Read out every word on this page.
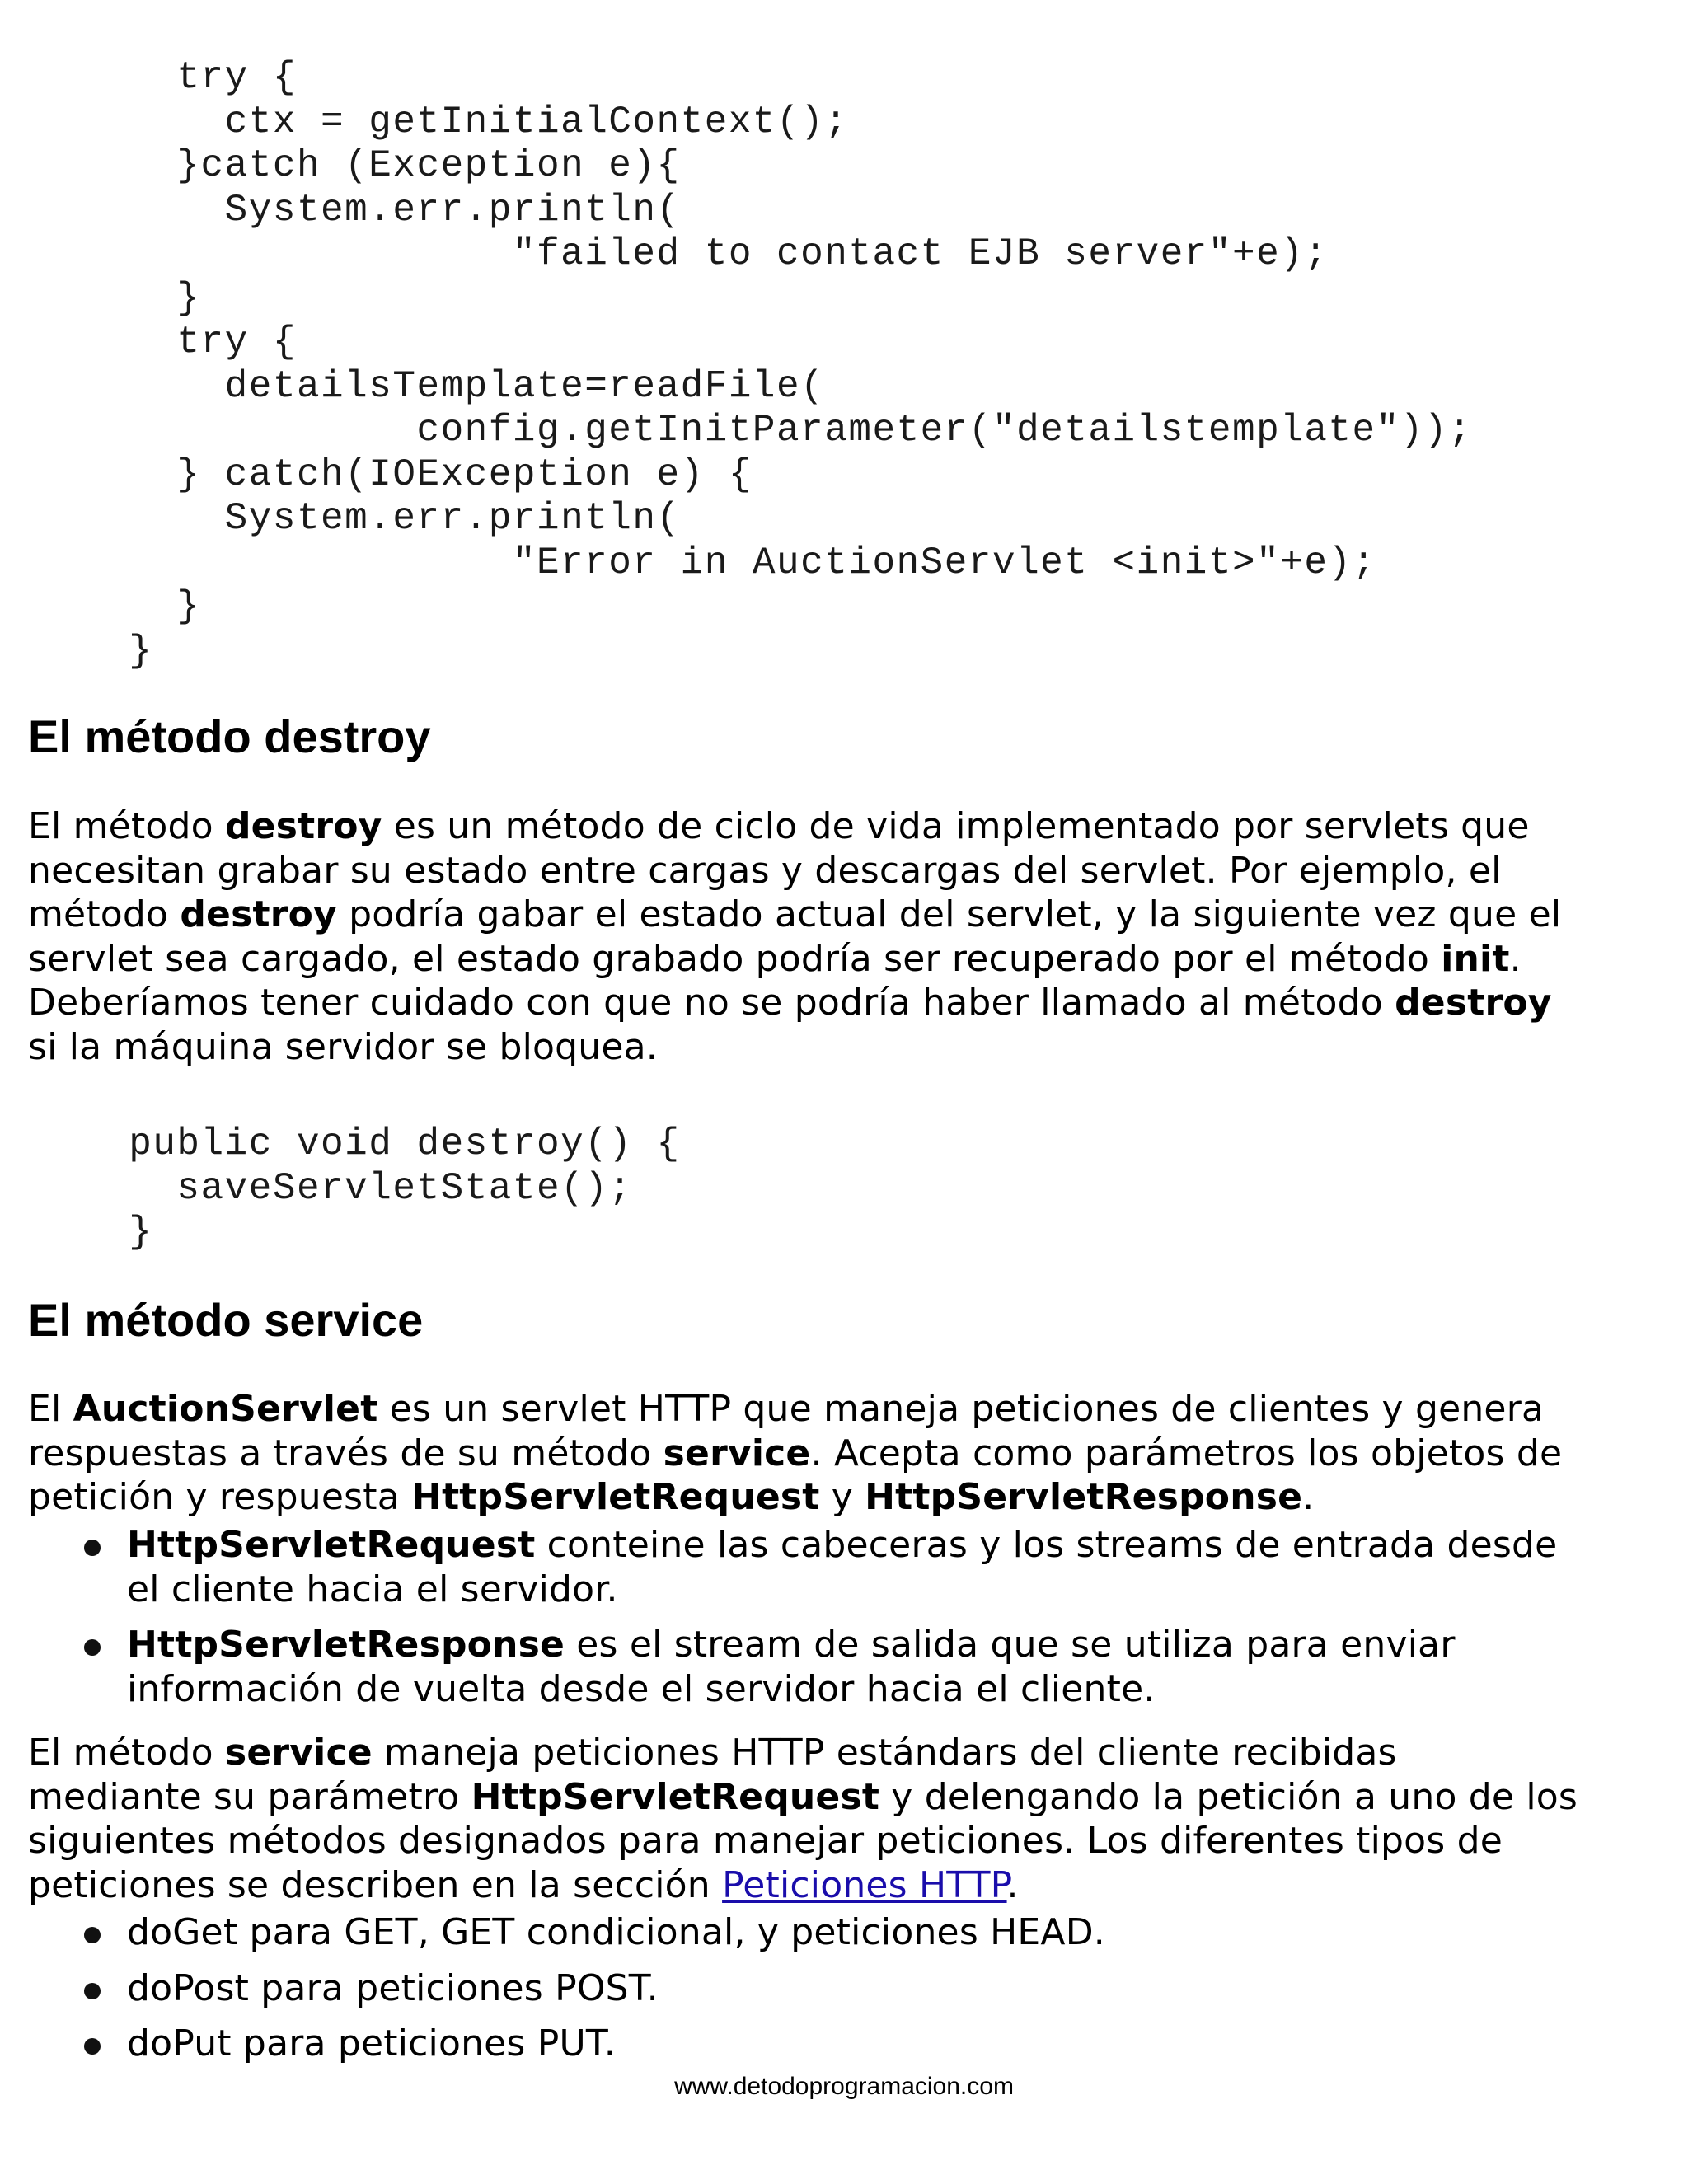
try {
ctx = getInitialContext();
}catch (Exception e){
System.err.println(
"failed to contact EJB server"+e);
}
try {
detailsTemplate=readFile(
config.getInitParameter("detailstemplate"));
} catch(IOException e) {
System.err.println(
"Error in AuctionServlet <init>"+e);
}
}
El método destroy
El método destroy es un método de ciclo de vida implementado por servlets que
necesitan grabar su estado entre cargas y descargas del servlet. Por ejemplo, el
método destroy podría gabar el estado actual del servlet, y la siguiente vez que el
servlet sea cargado, el estado grabado podría ser recuperado por el método init.
Deberíamos tener cuidado con que no se podría haber llamado al método destroy
si la máquina servidor se bloquea.
public void destroy() {
saveServletState();
}
El método service
El AuctionServlet es un servlet HTTP que maneja peticiones de clientes y genera
respuestas a través de su método service. Acepta como parámetros los objetos de
petición y respuesta HttpServletRequest y HttpServletResponse.
HttpServletRequest conteine las cabeceras y los streams de entrada desde
el cliente hacia el servidor.
HttpServletResponse es el stream de salida que se utiliza para enviar
información de vuelta desde el servidor hacia el cliente.
El método service maneja peticiones HTTP estándars del cliente recibidas
mediante su parámetro HttpServletRequest y delengando la petición a uno de los
siguientes métodos designados para manejar peticiones. Los diferentes tipos de
peticiones se describen en la sección Peticiones HTTP.
doGet para GET, GET condicional, y peticiones HEAD.
doPost para peticiones POST.
doPut para peticiones PUT.
www.detodoprogramacion.com
